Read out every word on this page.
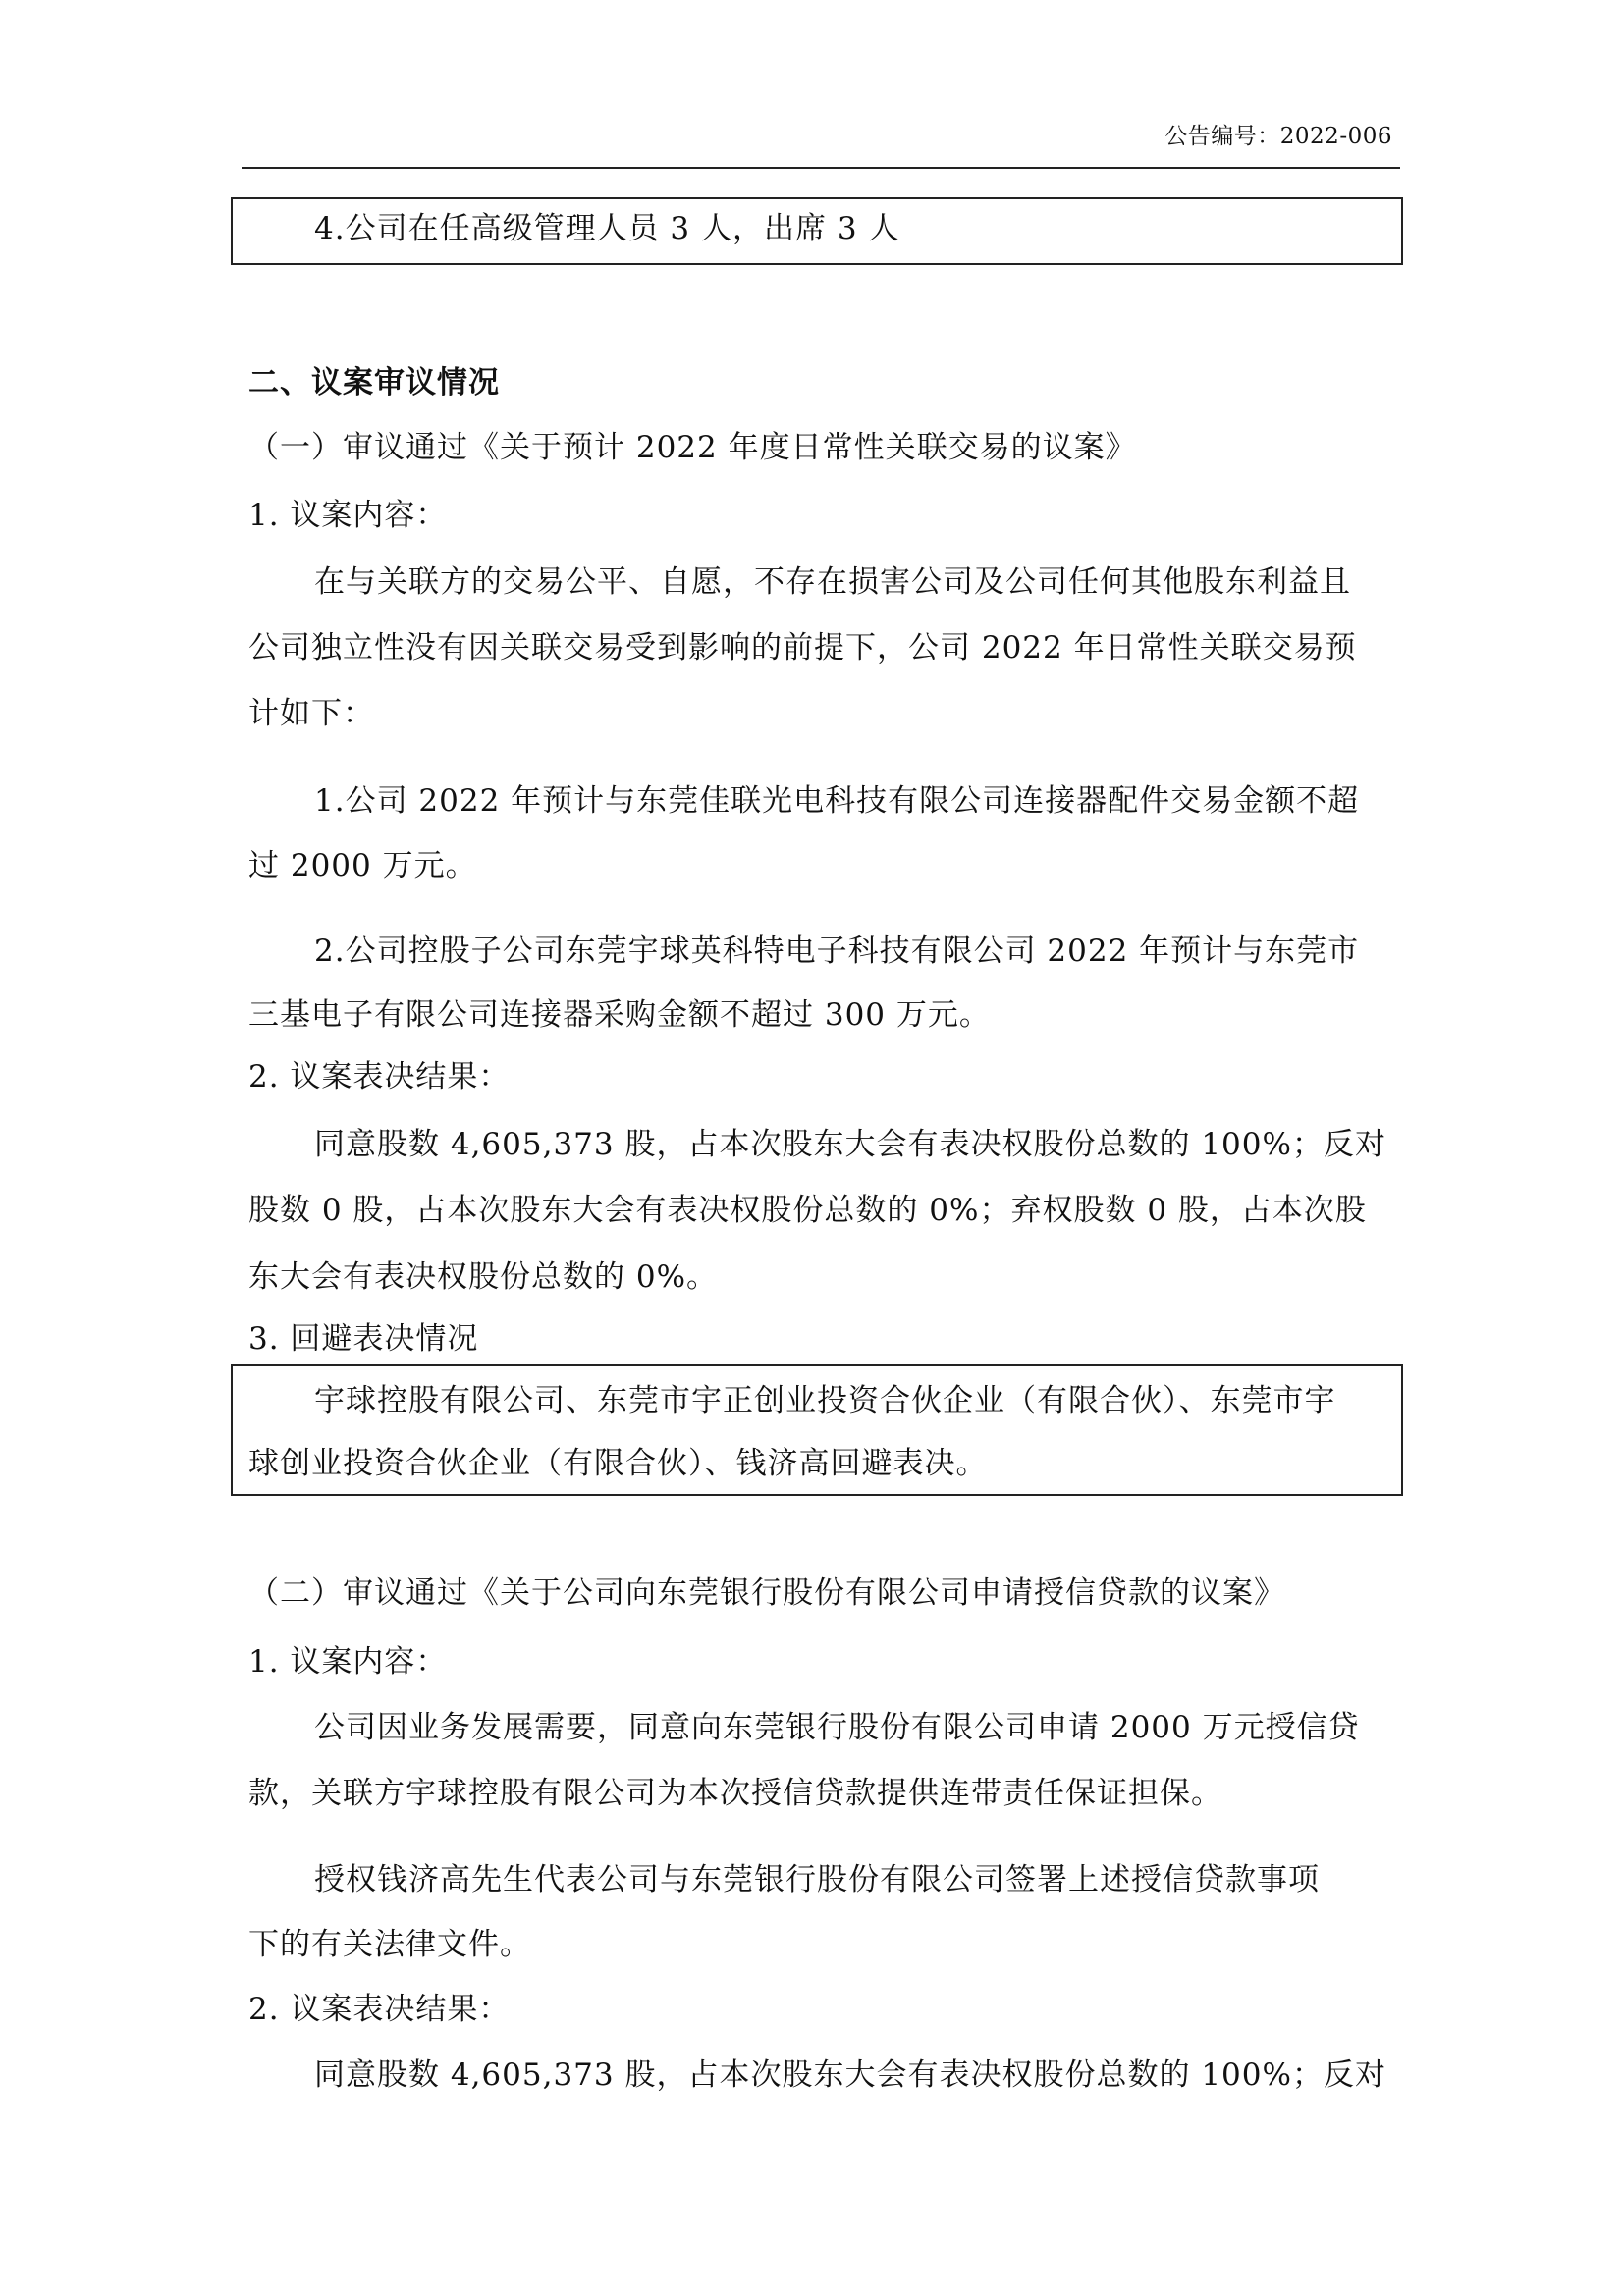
公告编号：2022-006
4.公司在任高级管理人员 3 人，出席 3 人
二、议案审议情况
（一）审议通过《关于预计 2022 年度日常性关联交易的议案》
1. 议案内容：
在与关联方的交易公平、自愿，不存在损害公司及公司任何其他股东利益且
公司独立性没有因关联交易受到影响的前提下，公司 2022 年日常性关联交易预
计如下：
1.公司 2022 年预计与东莞佳联光电科技有限公司连接器配件交易金额不超
过 2000 万元。
2.公司控股子公司东莞宇球英科特电子科技有限公司 2022 年预计与东莞市
三基电子有限公司连接器采购金额不超过 300 万元。
2. 议案表决结果：
同意股数 4,605,373 股，占本次股东大会有表决权股份总数的 100%；反对
股数 0 股，占本次股东大会有表决权股份总数的 0%；弃权股数 0 股，占本次股
东大会有表决权股份总数的 0%。
3. 回避表决情况
宇球控股有限公司、东莞市宇正创业投资合伙企业（有限合伙）、东莞市宇
球创业投资合伙企业（有限合伙）、钱济高回避表决。
（二）审议通过《关于公司向东莞银行股份有限公司申请授信贷款的议案》
1. 议案内容：
公司因业务发展需要，同意向东莞银行股份有限公司申请 2000 万元授信贷
款，关联方宇球控股有限公司为本次授信贷款提供连带责任保证担保。
授权钱济高先生代表公司与东莞银行股份有限公司签署上述授信贷款事项
下的有关法律文件。
2. 议案表决结果：
同意股数 4,605,373 股，占本次股东大会有表决权股份总数的 100%；反对
